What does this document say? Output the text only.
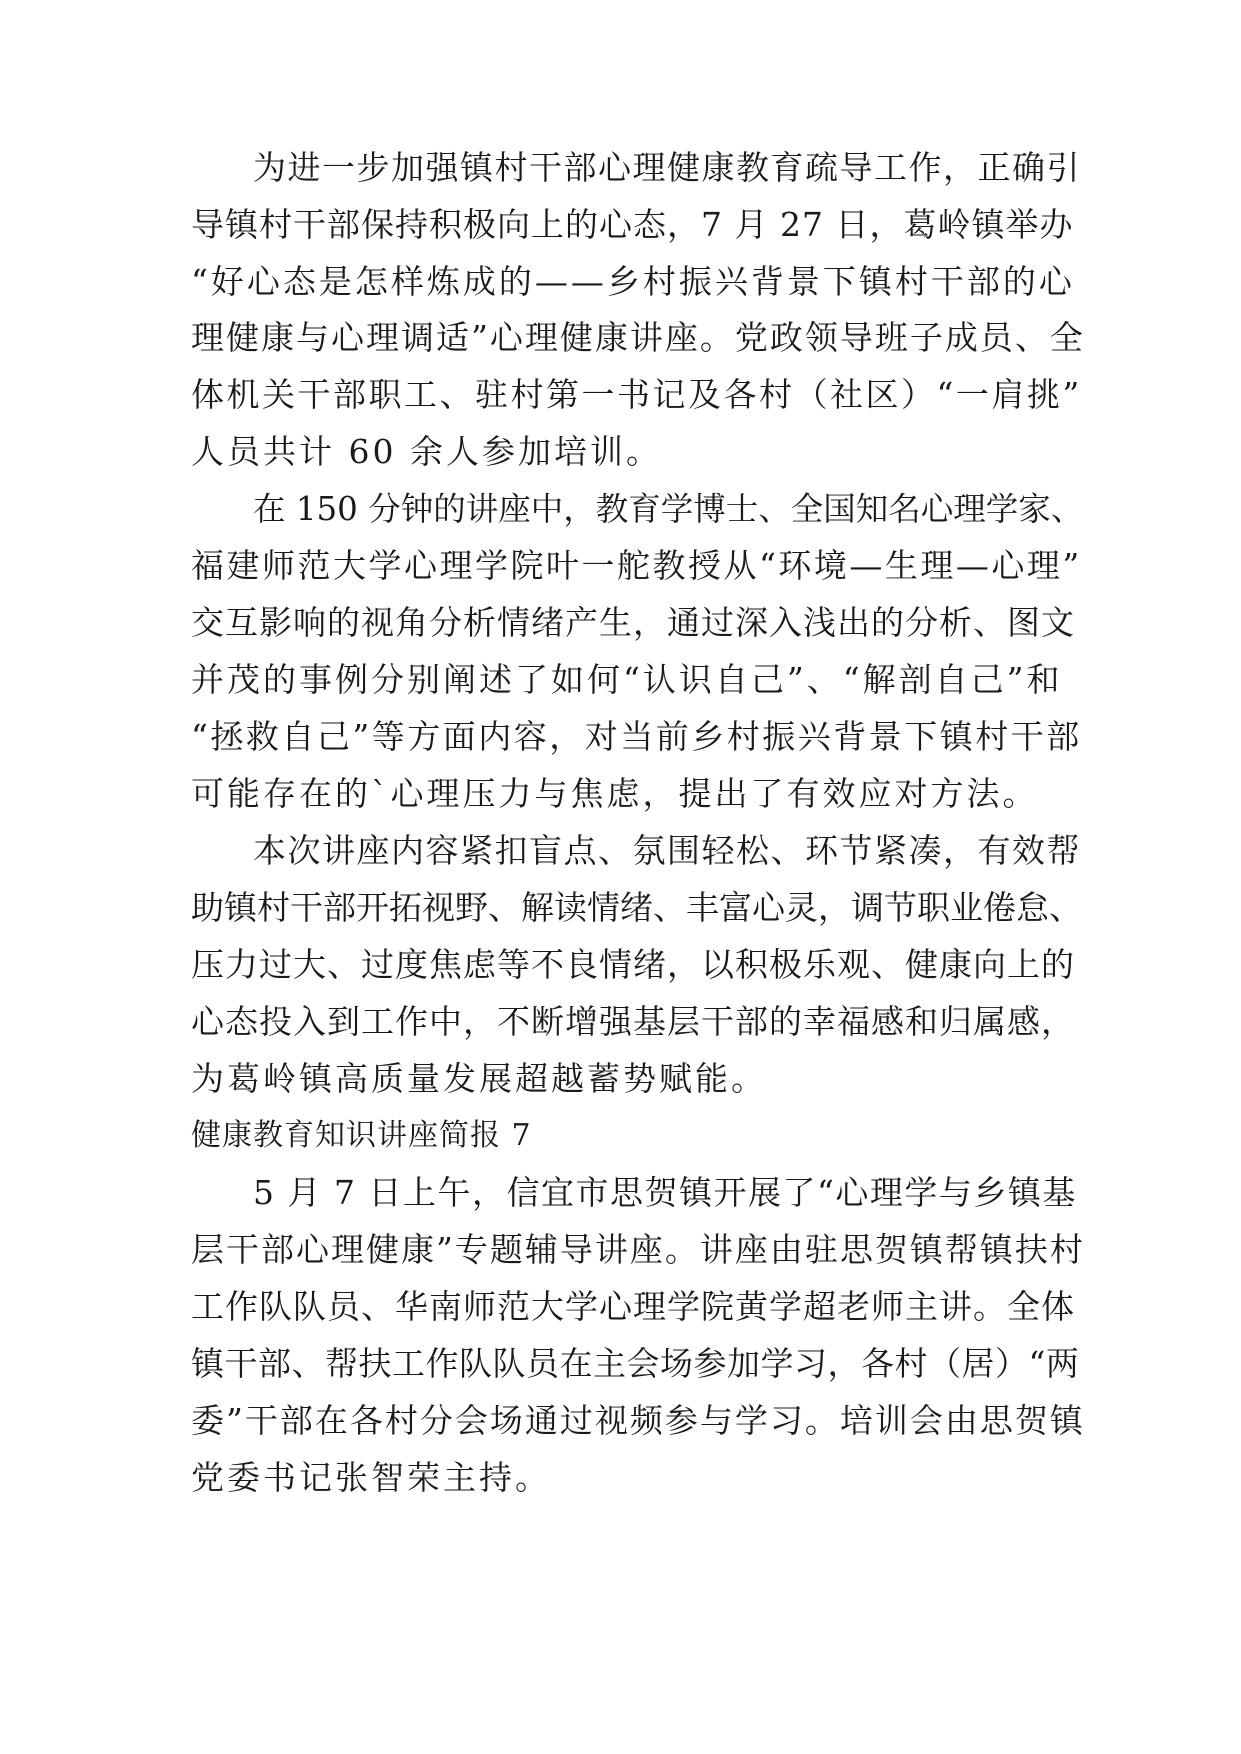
为进一步加强镇村干部心理健康教育疏导工作，正确引
导镇村干部保持积极向上的心态，7 月 27 日，葛岭镇举办
“好心态是怎样炼成的——乡村振兴背景下镇村干部的心
理健康与心理调适”心理健康讲座。党政领导班子成员、全
体机关干部职工、驻村第一书记及各村（社区）“一肩挑”
人员共计 60 余人参加培训。
在 150 分钟的讲座中，教育学博士、全国知名心理学家、
福建师范大学心理学院叶一舵教授从“环境—生理—心理”
交互影响的视角分析情绪产生，通过深入浅出的分析、图文
并茂的事例分别阐述了如何“认识自己”、“解剖自己”和
“拯救自己”等方面内容，对当前乡村振兴背景下镇村干部
可能存在的`心理压力与焦虑，提出了有效应对方法。
本次讲座内容紧扣盲点、氛围轻松、环节紧凑，有效帮
助镇村干部开拓视野、解读情绪、丰富心灵，调节职业倦怠、
压力过大、过度焦虑等不良情绪，以积极乐观、健康向上的
心态投入到工作中，不断增强基层干部的幸福感和归属感，
为葛岭镇高质量发展超越蓄势赋能。
健康教育知识讲座简报 7
5 月 7 日上午，信宜市思贺镇开展了“心理学与乡镇基
层干部心理健康”专题辅导讲座。讲座由驻思贺镇帮镇扶村
工作队队员、华南师范大学心理学院黄学超老师主讲。全体
镇干部、帮扶工作队队员在主会场参加学习，各村（居）“两
委”干部在各村分会场通过视频参与学习。培训会由思贺镇
党委书记张智荣主持。
